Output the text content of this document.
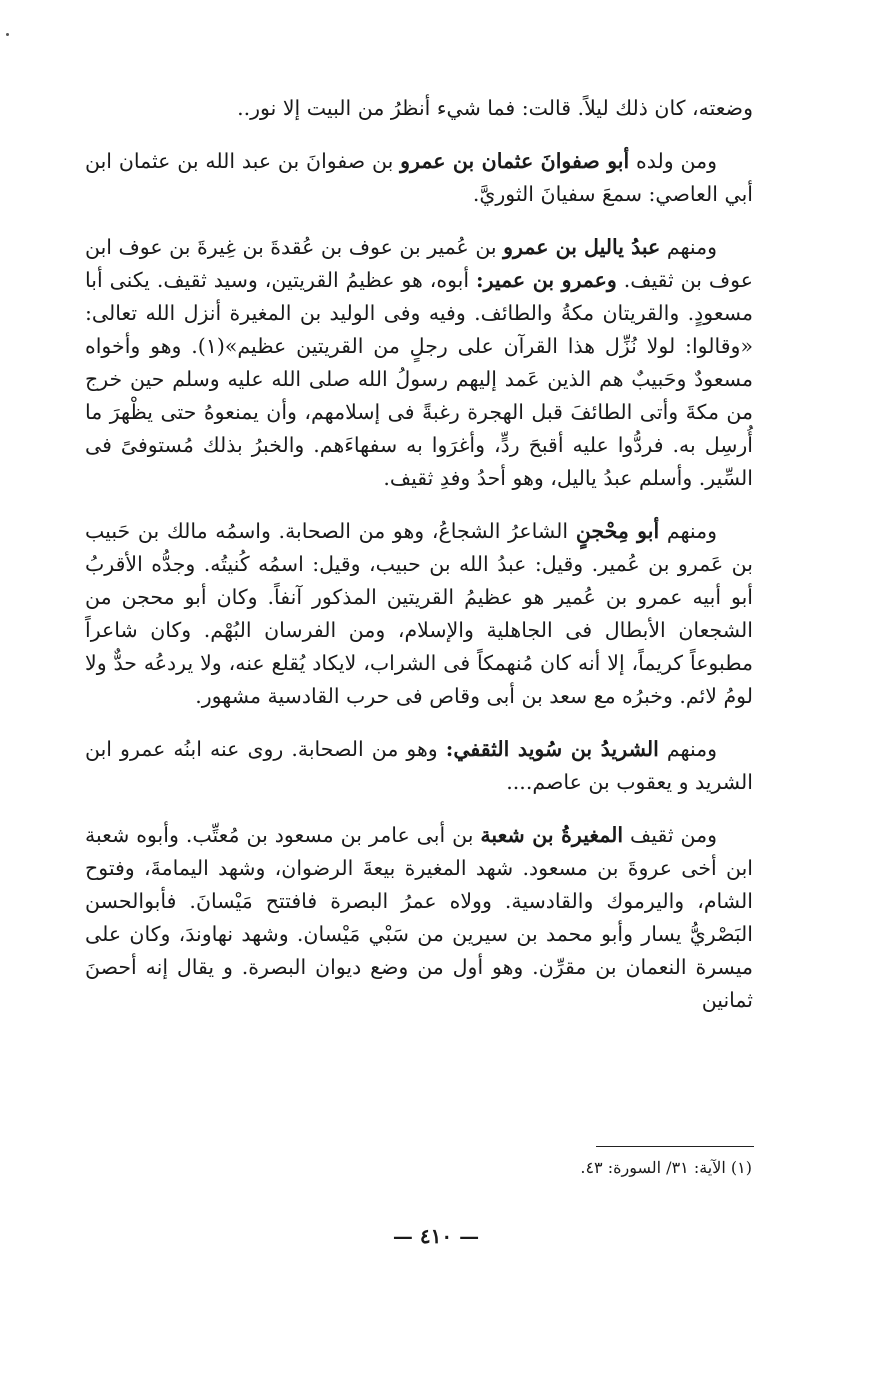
وضعته، كان ذلك ليلاً. قالت: فما شيء أنظرُ من البيت إلا نور..

ومن ولده أبو صفوانَ عثمان بن عمرو بن صفوانَ بن عبد الله بن عثمان ابن أبي العاصي: سمعَ سفيانَ الثوريَّ.

ومنهم عبدُ ياليل بن عمرو بن عُمير بن عوف بن عُقدةَ بن غِيرةَ بن عوف ابن عوف بن ثقيف. وعمرو بن عمير: أبوه، هو عظيمُ القريتين، وسيد ثقيف. يكنى أبا مسعودٍ. والقريتان مكةُ والطائف. وفيه وفى الوليد بن المغيرة أنزل الله تعالى: «وقالوا: لولا نُزِّل هذا القرآن على رجلٍ من القريتين عظيم»(١). وهو وأخواه مسعودٌ وحَبيبٌ هم الذين عَمد إليهم رسولُ الله صلى الله عليه وسلم حين خرج من مكةَ وأتى الطائفَ قبل الهجرة رغبةً فى إسلامهم، وأن يمنعوهُ حتى يظْهرَ ما أُرسِل به. فردُّوا عليه أقبحَ ردٍّ، وأغرَوا به سفهاءَهم. والخبرُ بذلك مُستوفىً فى السِّير. وأسلم عبدُ ياليل، وهو أحدُ وفدِ ثقيف.

ومنهم أبو مِحْجنٍ الشاعرُ الشجاعُ، وهو من الصحابة. واسمُه مالك بن حَبيب بن عَمرو بن عُمير. وقيل: عبدُ الله بن حبيب، وقيل: اسمُه كُنيتُه. وجدُّه الأقربُ أبو أبيه عمرو بن عُمير هو عظيمُ القريتين المذكور آنفاً. وكان أبو محجن من الشجعان الأبطال فى الجاهلية والإسلام، ومن الفرسان البُهْم. وكان شاعراً مطبوعاً كريماً، إلا أنه كان مُنهمكاً فى الشراب، لايكاد يُقلع عنه، ولا يردعُه حدٌّ ولا لومُ لائم. وخبرُه مع سعد بن أبى وقاص فى حرب القادسية مشهور.

ومنهم الشريدُ بن سُويد الثقفي: وهو من الصحابة. روى عنه ابنُه عمرو ابن الشريد و يعقوب بن عاصم....

ومن ثقيف المغيرةُ بن شعبة بن أبى عامر بن مسعود بن مُعتِّب. وأبوه شعبة ابن أخى عروةَ بن مسعود. شهد المغيرة بيعةَ الرضوان، وشهد اليمامةَ، وفتوح الشام، واليرموك والقادسية. وولاه عمرُ البصرة فافتتح مَيْسانَ. فأبوالحسن البَصْريُّ يسار وأبو محمد بن سيرين من سَبْي مَيْسان. وشهد نهاوندَ، وكان على ميسرة النعمان بن مقرِّن. وهو أول من وضع ديوان البصرة. و يقال إنه أحصنَ ثمانين

(١) الآية: ٣١/ السورة: ٤٣.
— ٤١٠ —
